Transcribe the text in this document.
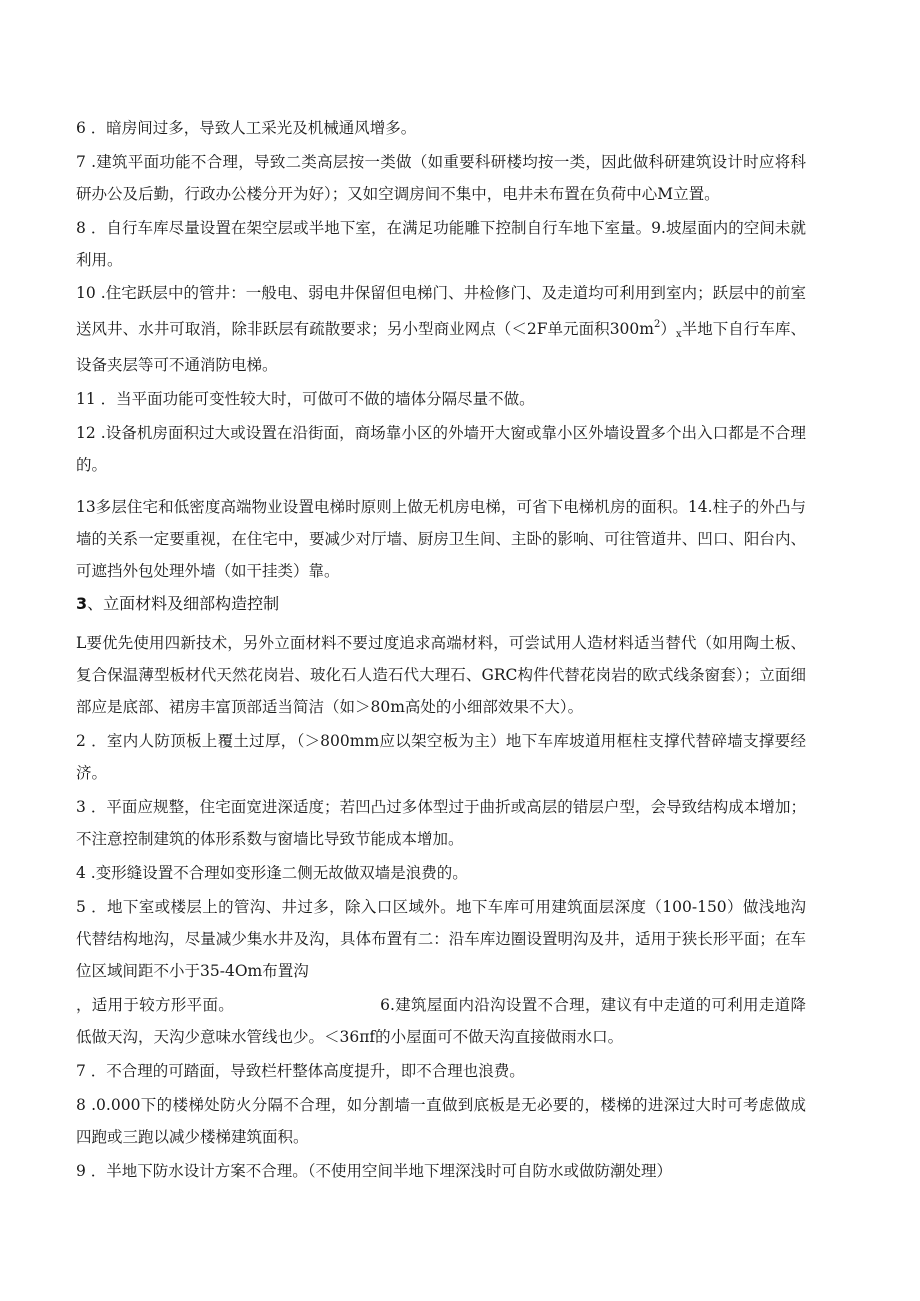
6 ．暗房间过多，导致人工采光及机械通风增多。

7 .建筑平面功能不合理，导致二类高层按一类做（如重要科研楼均按一类，因此做科研建筑设计时应将科研办公及后勤，行政办公楼分开为好）；又如空调房间不集中，电井未布置在负荷中心M立置。

8 ．自行车库尽量设置在架空层或半地下室，在满足功能雕下控制自行车地下室量。9.坡屋面内的空间未就利用。

10 .住宅跃层中的管井：一般电、弱电井保留但电梯门、井检修门、及走道均可利用到室内；跃层中的前室送风井、水井可取消，除非跃层有疏散要求；另小型商业网点（＜2F单元面积$300m^2)_x$半地下自行车库、设备夹层等可不通消防电梯。

11 ．当平面功能可变性较大时，可做可不做的墙体分隔尽量不做。

12 .设备机房面积过大或设置在沿街面，商场靠小区的外墙开大窗或靠小区外墙设置多个出入口都是不合理的。

13多层住宅和低密度高端物业设置电梯时原则上做无机房电梯，可省下电梯机房的面积。14.柱子的外凸与墙的关系一定要重视，在住宅中，要减少对厅墙、厨房卫生间、主卧的影响、可往管道井、凹口、阳台内、可遮挡外包处理外墙（如干挂类）靠。

3、立面材料及细部构造控制

L要优先使用四新技术，另外立面材料不要过度追求高端材料，可尝试用人造材料适当替代（如用陶土板、复合保温薄型板材代天然花岗岩、玻化石人造石代大理石、GRC构件代替花岗岩的欧式线条窗套）；立面细部应是底部、裙房丰富顶部适当简洁（如＞80m高处的小细部效果不大）。

2 ．室内人防顶板上覆土过厚，（＞800mm应以架空板为主）地下车库坡道用框柱支撑代替碎墙支撑要经济。

3 ．平面应规整，住宅面宽进深适度；若凹凸过多体型过于曲折或高层的错层户型，会导致结构成本增加；不注意控制建筑的体形系数与窗墙比导致节能成本增加。

4 .变形缝设置不合理如变形逢二侧无故做双墙是浪费的。

5 ．地下室或楼层上的管沟、井过多，除入口区域外。地下车库可用建筑面层深度（100-150）做浅地沟代替结构地沟，尽量减少集水井及沟，具体布置有二：沿车库边圈设置明沟及井，适用于狭长形平面；在车位区域间距不小于35-4Om布置沟

，适用于较方形平面。	6.建筑屋面内沿沟设置不合理，建议有中走道的可利用走道降低做天沟，天沟少意味水管线也少。＜36πf的小屋面可不做天沟直接做雨水口。

7 ．不合理的可踏面，导致栏杆整体高度提升，即不合理也浪费。

8 .0.000下的楼梯处防火分隔不合理，如分割墙一直做到底板是无必要的，楼梯的进深过大时可考虑做成四跑或三跑以减少楼梯建筑面积。

9 ．半地下防水设计方案不合理。（不使用空间半地下埋深浅时可自防水或做防潮处理）
